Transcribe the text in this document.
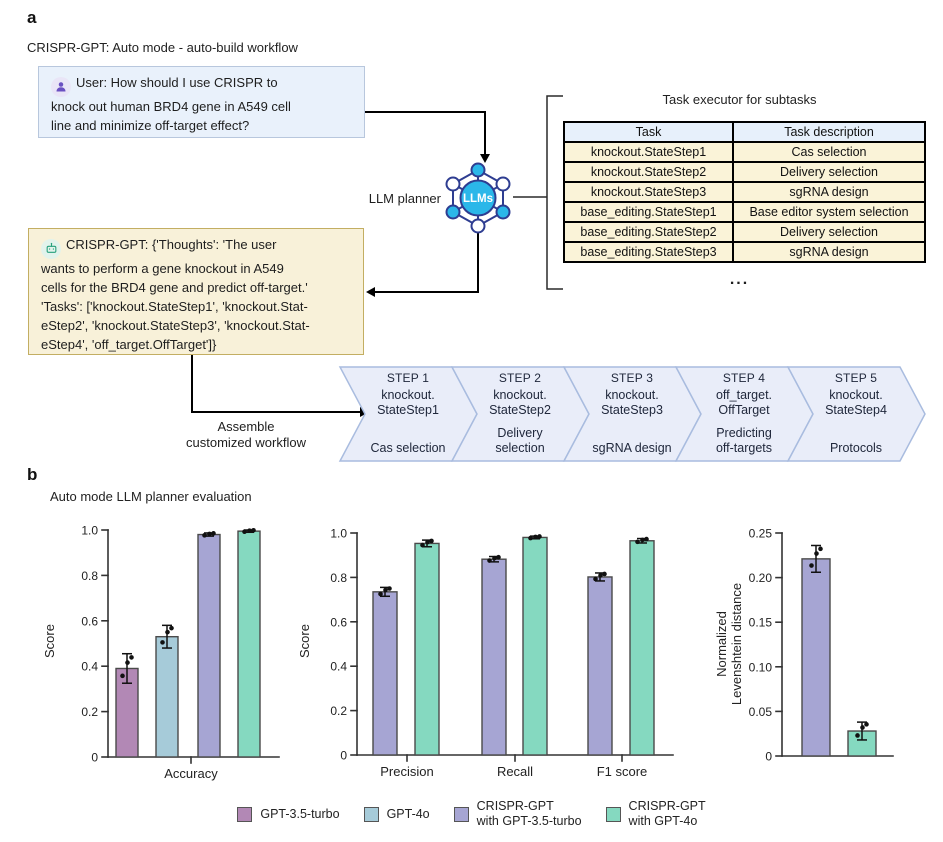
LLMs
0
0.2
0.4
0.6
0.8
1.0
Accuracy
Score
0
0.2
0.4
0.6
0.8
1.0
Precision	Recall	F1 score
Score
0
0.05
0.10
0.15
0.20
0.25
Normalized Levenshtein distance
a
CRISPR-GPT: Auto mode - auto-build workflow
User: How should I use CRISPR to
knock out human BRD4 gene in A549 cell
line and minimize off-target effect?
LLM planner
Task executor for subtasks
Task	Task description
knockout.StateStep1	Cas selection
knockout.StateStep2	Delivery selection
knockout.StateStep3	sgRNA design
base_editing.StateStep1	Base editor system selection
base_editing.StateStep2	Delivery selection
base_editing.StateStep3	sgRNA design
...
CRISPR-GPT: {'Thoughts': 'The user
wants to perform a gene knockout in A549
cells for the BRD4 gene and predict off-target.'
'Tasks': ['knockout.StateStep1', 'knockout.Stat-
eStep2', 'knockout.StateStep3', 'knockout.Stat-
eStep4', 'off_target.OffTarget']}
Assemble
customized workflow
b
Auto mode LLM planner evaluation
GPT-3.5-turbo	GPT-4o
CRISPR-GPT
with GPT-3.5-turbo
CRISPR-GPT
with GPT-4o
STEP 1
knockout.
StateStep1
Cas selection
STEP 2
knockout.
StateStep2
Delivery
selection
STEP 3
knockout.
StateStep3
sgRNA design
STEP 4
off_target.
OffTarget
Predicting
off-targets
STEP 5
knockout.
StateStep4
Protocols
